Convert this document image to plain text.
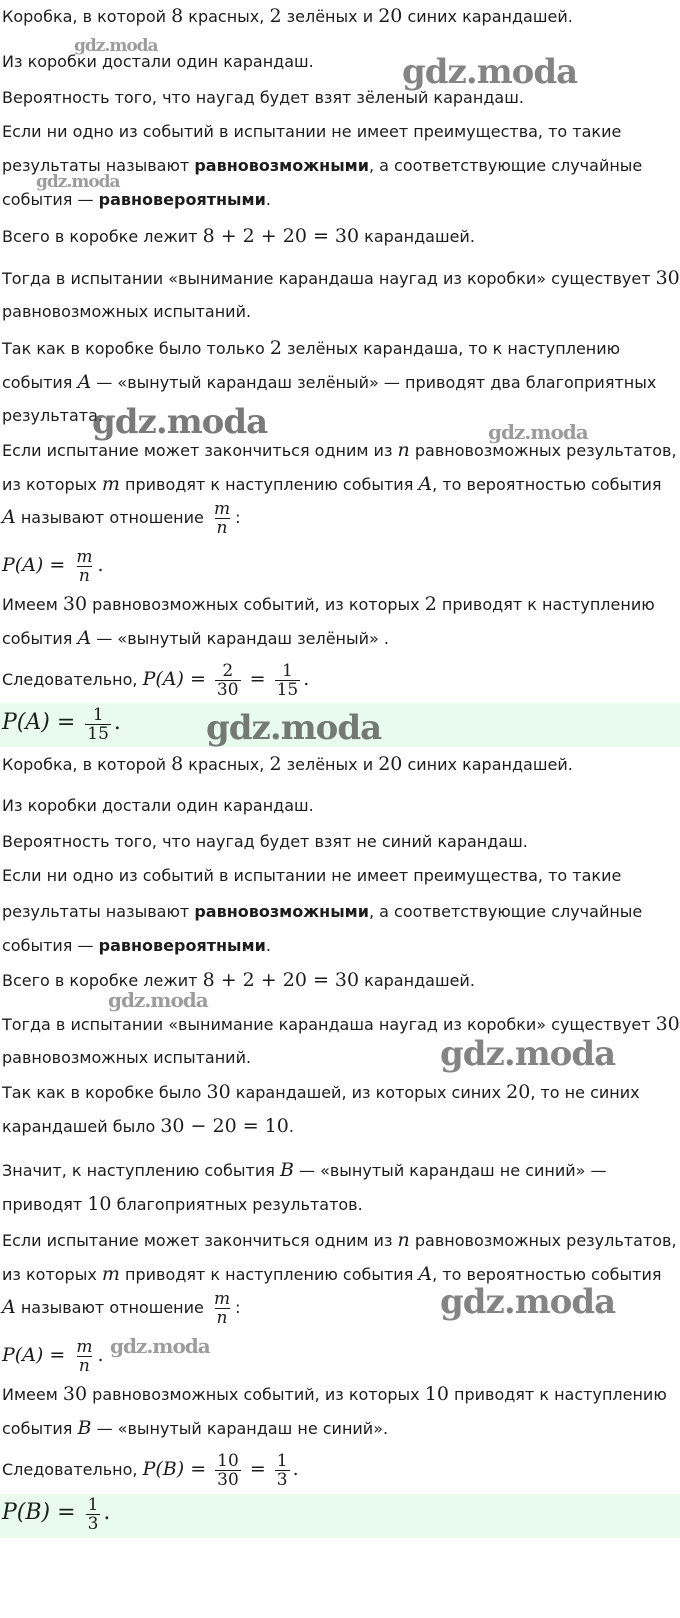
Коробка, в которой 8 красных, 2 зелёных и 20 синих карандашей.
Из коробки достали один карандаш.
Вероятность того, что наугад будет взят зёленый карандаш.
Если ни одно из событий в испытании не имеет преимущества, то такие
результаты называют равновозможными, а соответствующие случайные
события — равновероятными.
Всего в коробке лежит 8 + 2 + 20 = 30 карандашей.
Тогда в испытании «вынимание карандаша наугад из коробки» существует 30
равновозможных испытаний.
Так как в коробке было только 2 зелёных карандаша, то к наступлению
события A — «вынутый карандаш зелёный» — приводят два благоприятных
результата.
Если испытание может закончиться одним из n равновозможных результатов,
из которых m приводят к наступлению события A, то вероятностью события
A называют отношение $\frac{m}{n}$ :
$P(A) = \frac{m}{n}$ .
Имеем 30 равновозможных событий, из которых 2 приводят к наступлению
события A — «вынутый карандаш зелёный» .
Следовательно, $P(A) = \frac{2}{30} = \frac{1}{15}$ .
$P(A) = \frac{1}{15}$ .
Коробка, в которой 8 красных, 2 зелёных и 20 синих карандашей.
Из коробки достали один карандаш.
Вероятность того, что наугад будет взят не синий карандаш.
Если ни одно из событий в испытании не имеет преимущества, то такие
результаты называют равновозможными, а соответствующие случайные
события — равновероятными.
Всего в коробке лежит 8 + 2 + 20 = 30 карандашей.
Тогда в испытании «вынимание карандаша наугад из коробки» существует 30
равновозможных испытаний.
Так как в коробке было 30 карандашей, из которых синих 20, то не синих
карандашей было 30 − 20 = 10.
Значит, к наступлению события B — «вынутый карандаш не синий» —
приводят 10 благоприятных результатов.
Если испытание может закончиться одним из n равновозможных результатов,
из которых m приводят к наступлению события A, то вероятностью события
A называют отношение $\frac{m}{n}$ :
$P(A) = \frac{m}{n}$ .
Имеем 30 равновозможных событий, из которых 10 приводят к наступлению
события B — «вынутый карандаш не синий».
Следовательно, $P(B) = \frac{10}{30} = \frac{1}{3}$ .
$P(B) = \frac{1}{3}$ .
gdz.moda
gdz.moda
gdz.moda
gdz.moda	gdz.moda
gdz.moda
gdz.moda
gdz.moda
gdz.moda
gdz.moda
